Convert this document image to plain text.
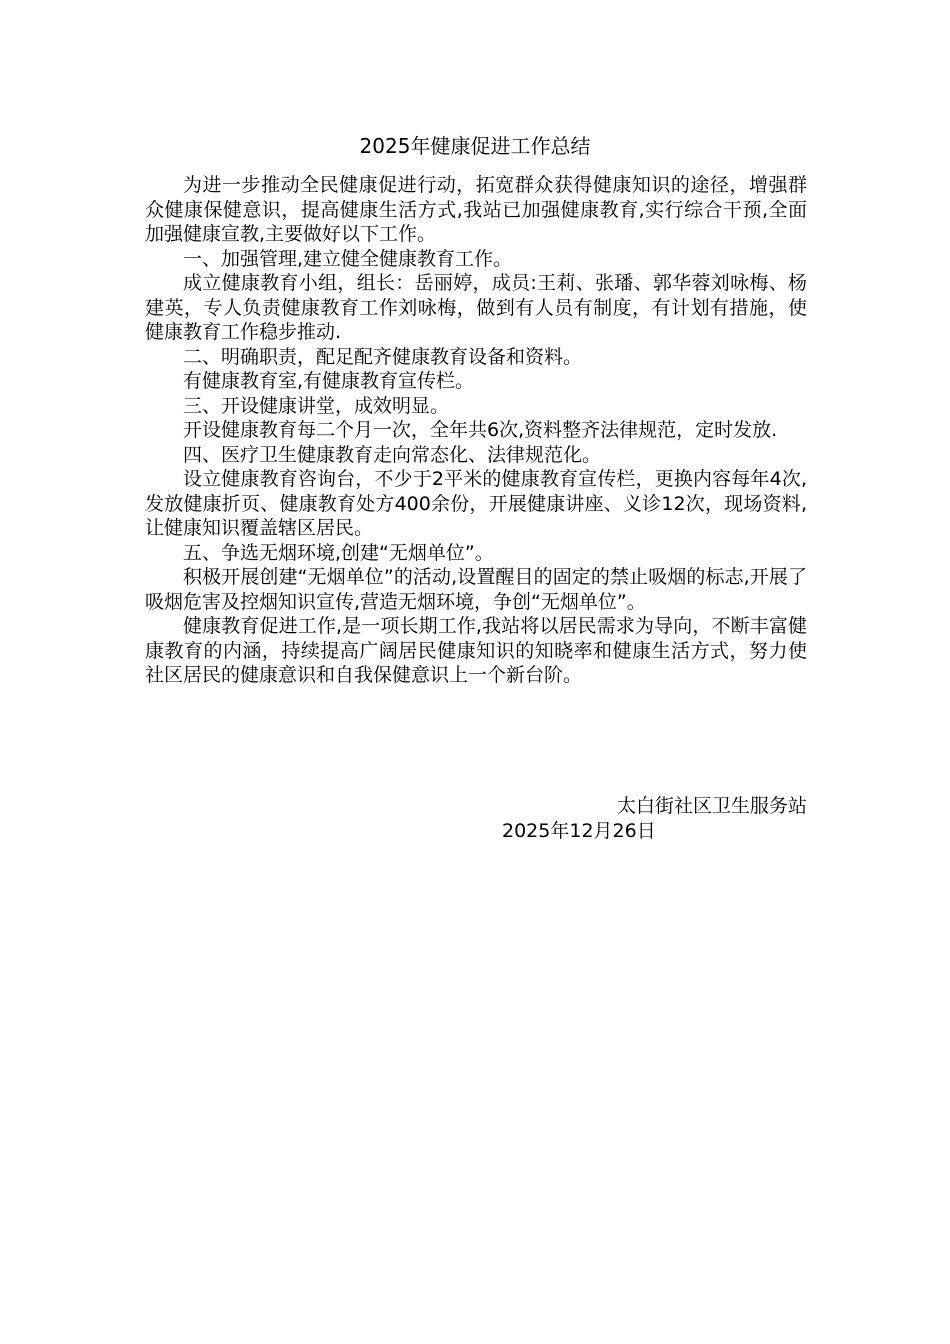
2025年健康促进工作总结

为进一步推动全民健康促进行动，拓宽群众获得健康知识的途径，增强群众健康保健意识，提高健康生活方式,我站已加强健康教育,实行综合干预,全面加强健康宣教,主要做好以下工作。

一、加强管理,建立健全健康教育工作。

成立健康教育小组，组长：岳丽婷，成员:王莉、张璠、郭华蓉刘咏梅、杨建英，专人负责健康教育工作刘咏梅，做到有人员有制度，有计划有措施，使健康教育工作稳步推动.

二、明确职责，配足配齐健康教育设备和资料。

有健康教育室,有健康教育宣传栏。

三、开设健康讲堂，成效明显。

开设健康教育每二个月一次，全年共6次,资料整齐法律规范，定时发放.

四、医疗卫生健康教育走向常态化、法律规范化。

设立健康教育咨询台，不少于2平米的健康教育宣传栏，更换内容每年4次,发放健康折页、健康教育处方400余份，开展健康讲座、义诊12次，现场资料,让健康知识覆盖辖区居民。

五、争选无烟环境,创建“无烟单位”。

积极开展创建“无烟单位”的活动,设置醒目的固定的禁止吸烟的标志,开展了吸烟危害及控烟知识宣传,营造无烟环境，争创“无烟单位”。

健康教育促进工作,是一项长期工作,我站将以居民需求为导向，不断丰富健康教育的内涵，持续提高广阔居民健康知识的知晓率和健康生活方式，努力使社区居民的健康意识和自我保健意识上一个新台阶。

太白街社区卫生服务站
2025年12月26日
